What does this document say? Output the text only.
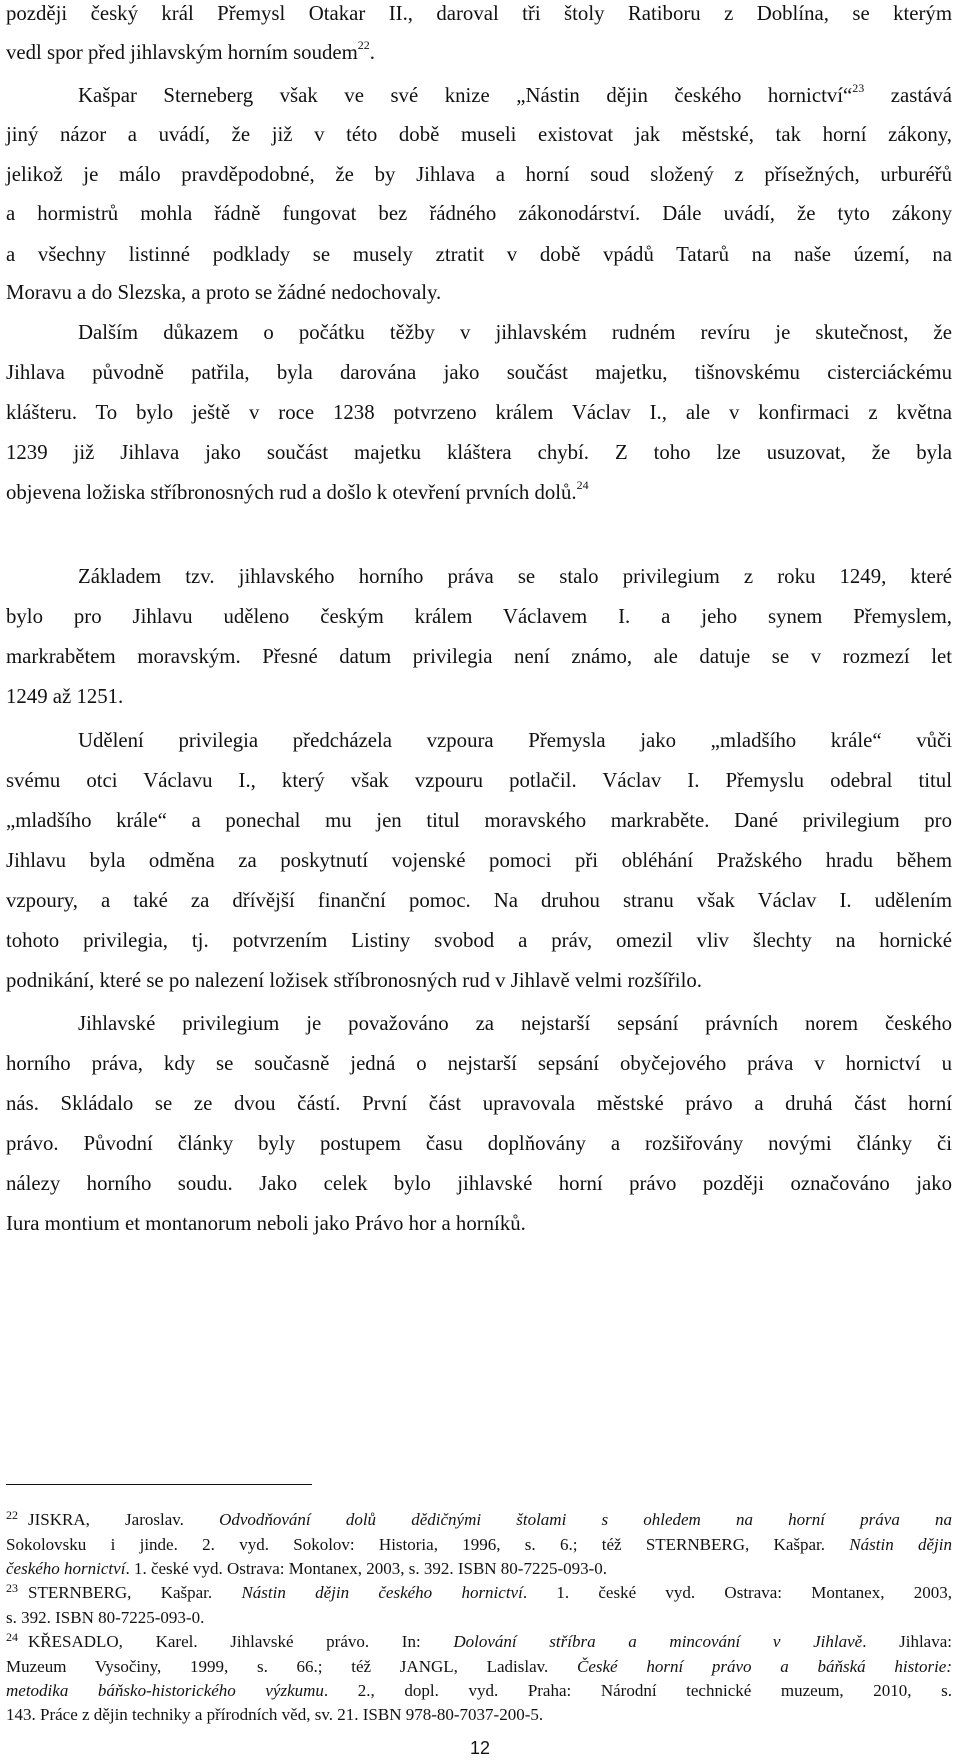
později český král Přemysl Otakar II., daroval tři štoly Ratiboru z Doblína, se kterým
vedl spor před jihlavským horním soudem$^{22}$.
Kašpar Sterneberg však ve své knize „Nástin dějin českého hornictví“$^{23}$ zastává
jiný názor a uvádí, že již v této době museli existovat jak městské, tak horní zákony,
jelikož je málo pravděpodobné, že by Jihlava a horní soud složený z přísežných, urburéřů
a hormistrů mohla řádně fungovat bez řádného zákonodárství. Dále uvádí, že tyto zákony
a všechny listinné podklady se musely ztratit v době vpádů Tatarů na naše území, na
Moravu a do Slezska, a proto se žádné nedochovaly.
Dalším důkazem o počátku těžby v jihlavském rudném revíru je skutečnost, že
Jihlava původně patřila, byla darována jako součást majetku, tišnovskému cisterciáckému
klášteru. To bylo ještě v roce 1238 potvrzeno králem Václav I., ale v konfirmaci z května
1239 již Jihlava jako součást majetku kláštera chybí. Z toho lze usuzovat, že byla
objevena ložiska stříbronosných rud a došlo k otevření prvních dolů.$^{24}$
Základem tzv. jihlavského horního práva se stalo privilegium z roku 1249, které
bylo pro Jihlavu uděleno českým králem Václavem I. a jeho synem Přemyslem,
markrabětem moravským. Přesné datum privilegia není známo, ale datuje se v rozmezí let
1249 až 1251.
Udělení privilegia předcházela vzpoura Přemysla jako „mladšího krále“ vůči
svému otci Václavu I., který však vzpouru potlačil. Václav I. Přemyslu odebral titul
„mladšího krále“ a ponechal mu jen titul moravského markraběte. Dané privilegium pro
Jihlavu byla odměna za poskytnutí vojenské pomoci při obléhání Pražského hradu během
vzpoury, a také za dřívější finanční pomoc. Na druhou stranu však Václav I. udělením
tohoto privilegia, tj. potvrzením Listiny svobod a práv, omezil vliv šlechty na hornické
podnikání, které se po nalezení ložisek stříbronosných rud v Jihlavě velmi rozšířilo.
Jihlavské privilegium je považováno za nejstarší sepsání právních norem českého
horního práva, kdy se současně jedná o nejstarší sepsání obyčejového práva v hornictví u
nás. Skládalo se ze dvou částí. První část upravovala městské právo a druhá část horní
právo. Původní články byly postupem času doplňovány a rozšiřovány novými články či
nálezy horního soudu. Jako celek bylo jihlavské horní právo později označováno jako
Iura montium et montanorum neboli jako Právo hor a horníků.
$^{22}$ JISKRA, Jaroslav. Odvodňování dolů dědičnými štolami s ohledem na horní práva na
Sokolovsku i jinde. 2. vyd. Sokolov: Historia, 1996, s. 6.; též STERNBERG, Kašpar. Nástin dějin
českého hornictví. 1. české vyd. Ostrava: Montanex, 2003, s. 392. ISBN 80-7225-093-0.
$^{23}$ STERNBERG, Kašpar. Nástin dějin českého hornictví. 1. české vyd. Ostrava: Montanex, 2003,
s. 392. ISBN 80-7225-093-0.
$^{24}$ KŘESADLO, Karel. Jihlavské právo. In: Dolování stříbra a mincování v Jihlavě. Jihlava:
Muzeum Vysočiny, 1999, s. 66.; též JANGL, Ladislav. České horní právo a báňská historie:
metodika báňsko-historického výzkumu. 2., dopl. vyd. Praha: Národní technické muzeum, 2010, s.
143. Práce z dějin techniky a přírodních věd, sv. 21. ISBN 978-80-7037-200-5.
12
